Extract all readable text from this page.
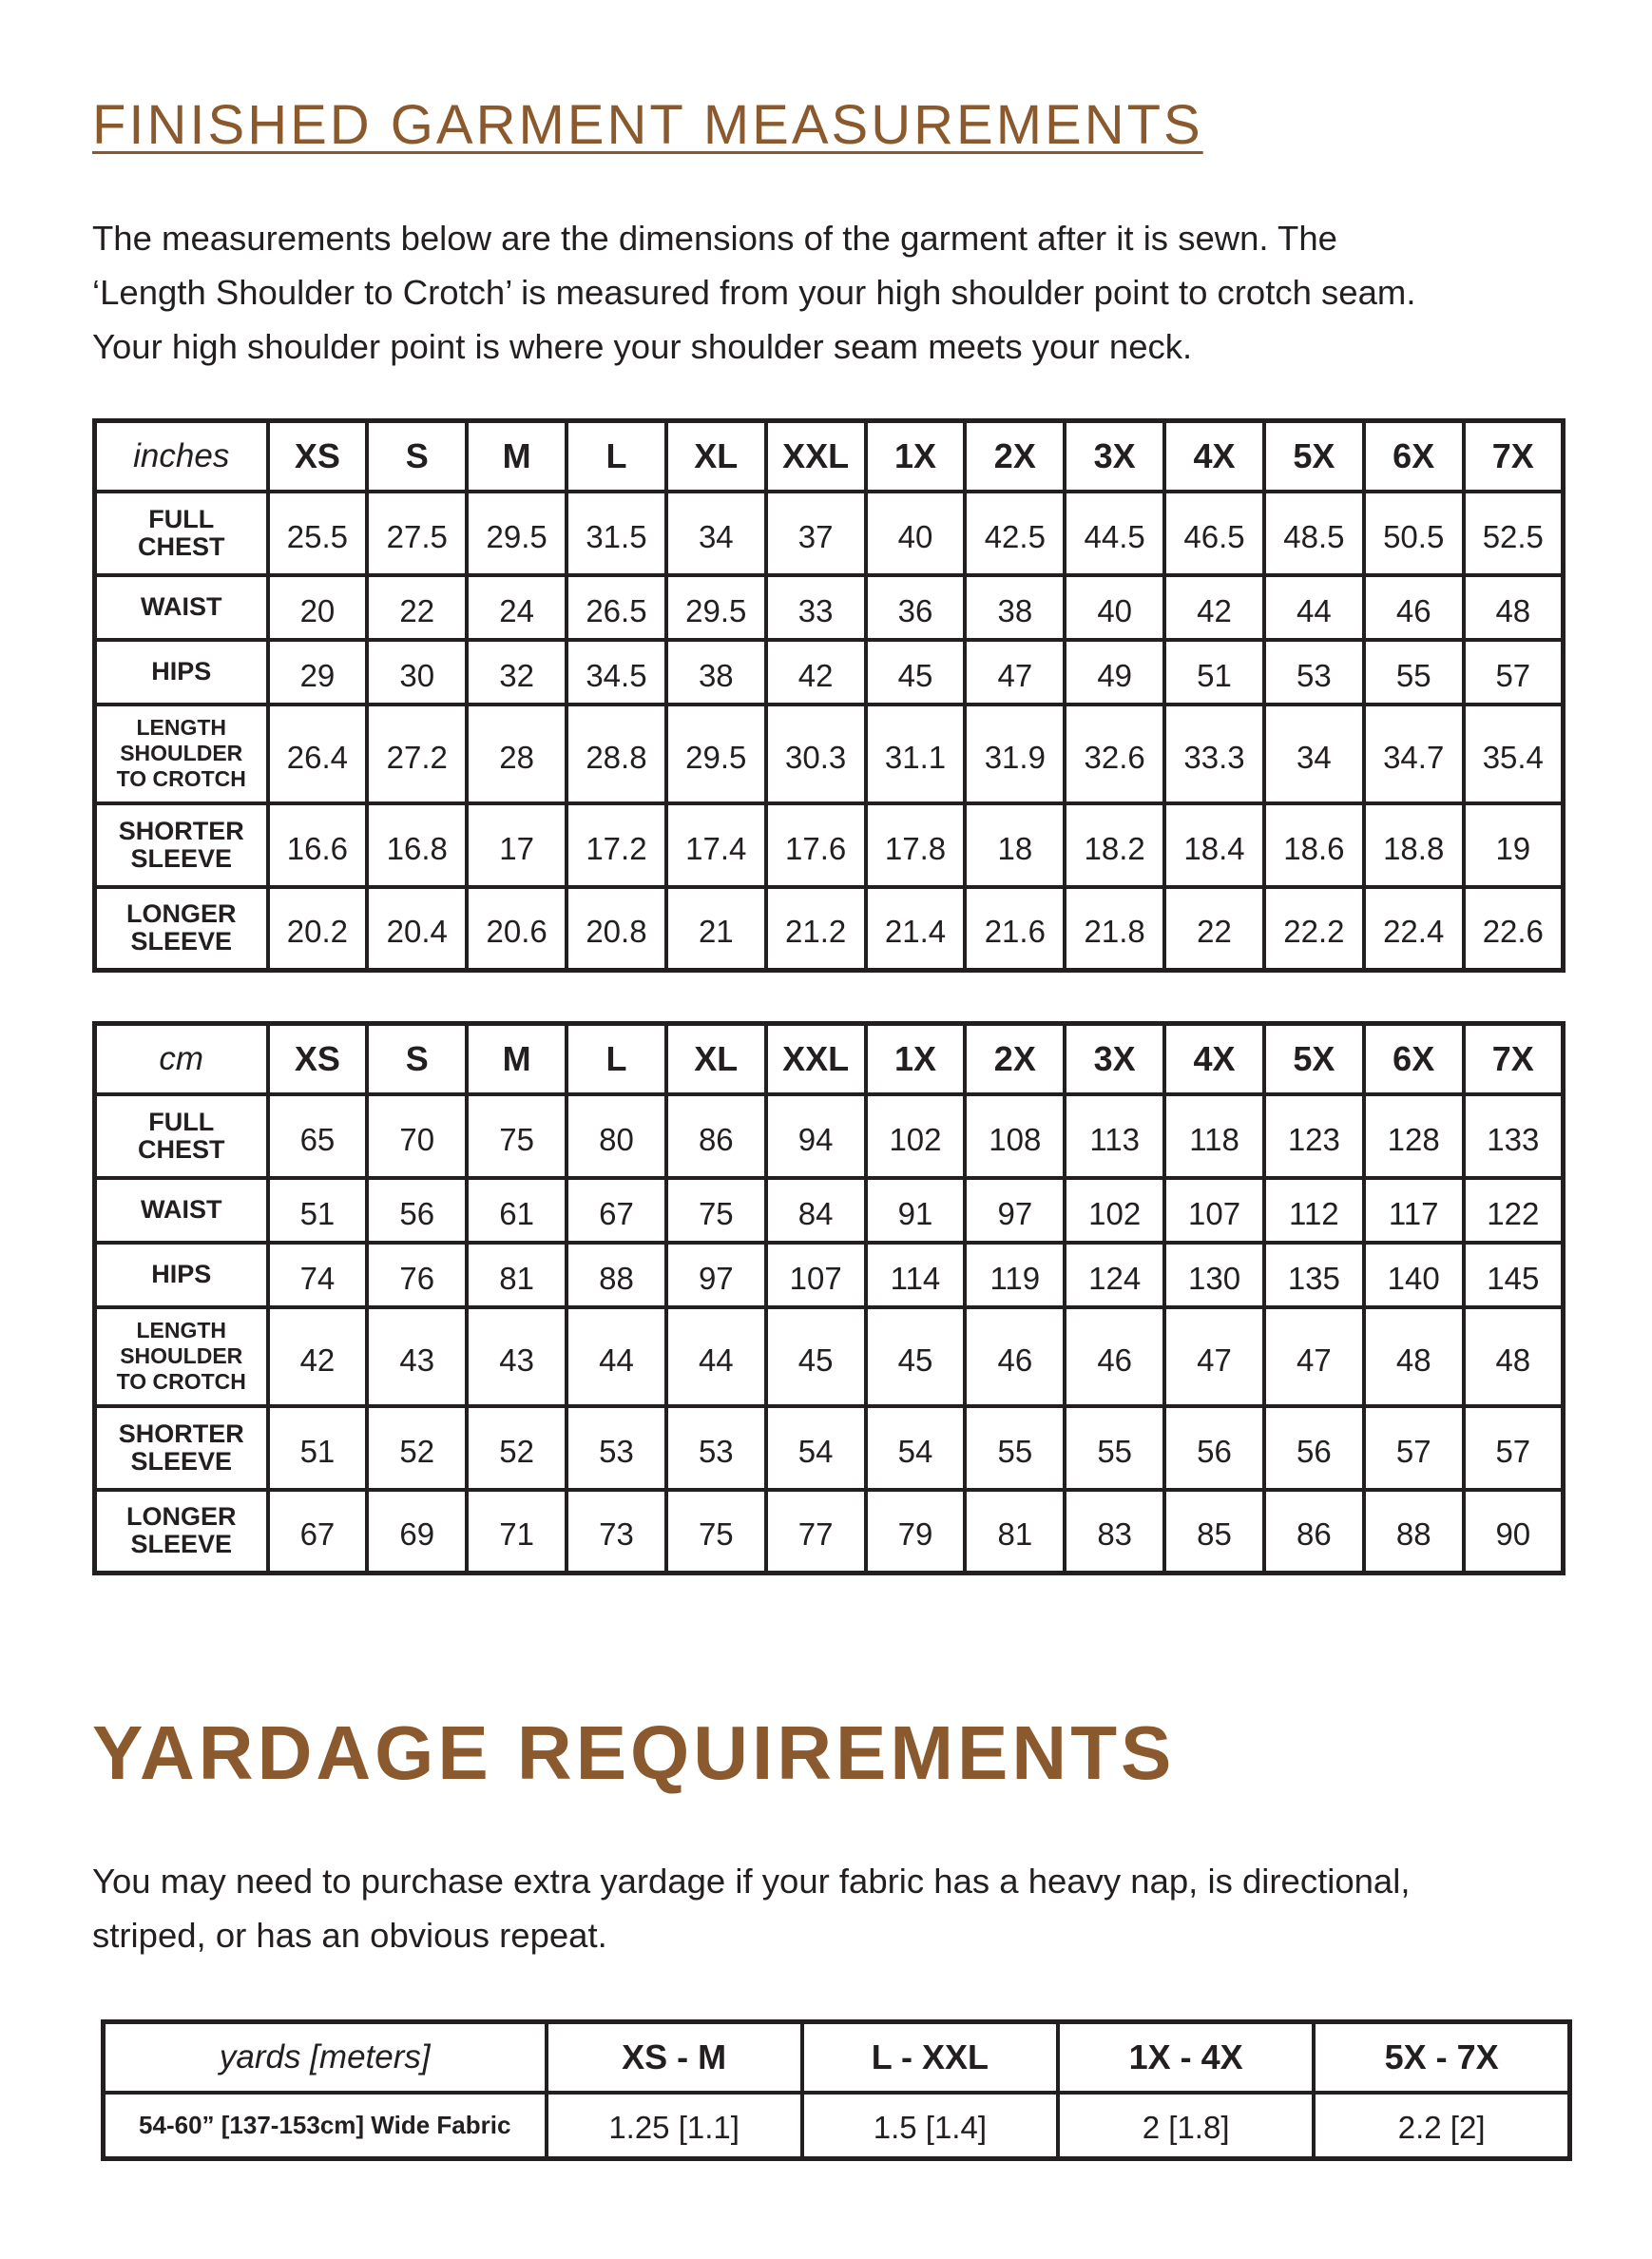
FINISHED GARMENT MEASUREMENTS
The measurements below are the dimensions of the garment after it is sewn. The
‘Length Shoulder to Crotch’ is measured from your high shoulder point to crotch seam.
Your high shoulder point is where your shoulder seam meets your neck.
inches	XS	S	M	L	XL	XXL	1X	2X	3X	4X	5X	6X	7X

FULL
CHEST	25.5	27.5	29.5	31.5	34	37	40	42.5	44.5	46.5	48.5	50.5	52.5

WAIST	20	22	24	26.5	29.5	33	36	38	40	42	44	46	48

HIPS	29	30	32	34.5	38	42	45	47	49	51	53	55	57

LENGTH
SHOULDER
TO CROTCH	26.4	27.2	28	28.8	29.5	30.3	31.1	31.9	32.6	33.3	34	34.7	35.4

SHORTER
SLEEVE	16.6	16.8	17	17.2	17.4	17.6	17.8	18	18.2	18.4	18.6	18.8	19

LONGER
SLEEVE	20.2	20.4	20.6	20.8	21	21.2	21.4	21.6	21.8	22	22.2	22.4	22.6
cm	XS	S	M	L	XL	XXL	1X	2X	3X	4X	5X	6X	7X

FULL
CHEST	65	70	75	80	86	94	102	108	113	118	123	128	133

WAIST	51	56	61	67	75	84	91	97	102	107	112	117	122

HIPS	74	76	81	88	97	107	114	119	124	130	135	140	145

LENGTH
SHOULDER
TO CROTCH	42	43	43	44	44	45	45	46	46	47	47	48	48

SHORTER
SLEEVE	51	52	52	53	53	54	54	55	55	56	56	57	57

LONGER
SLEEVE	67	69	71	73	75	77	79	81	83	85	86	88	90
YARDAGE REQUIREMENTS
You may need to purchase extra yardage if your fabric has a heavy nap, is directional,
striped, or has an obvious repeat.
yards [meters]	XS - M	L - XXL	1X - 4X	5X - 7X
54-60” [137-153cm] Wide Fabric	1.25 [1.1]	1.5 [1.4]	2 [1.8]	2.2 [2]
